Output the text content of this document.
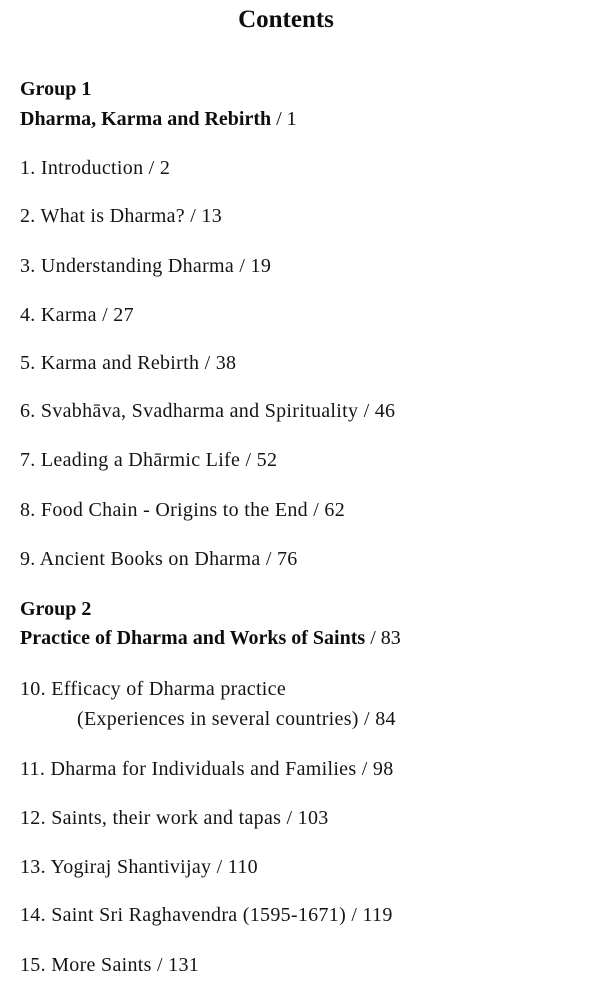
Contents
Group 1
Dharma, Karma and Rebirth / 1
1. Introduction / 2
2. What is Dharma? / 13
3. Understanding Dharma / 19
4. Karma / 27
5. Karma and Rebirth / 38
6. Svabhāva, Svadharma and Spirituality / 46
7. Leading a Dhārmic Life / 52
8. Food Chain - Origins to the End / 62
9. Ancient Books on Dharma / 76
Group 2
Practice of Dharma and Works of Saints / 83
10. Efficacy of Dharma practice
(Experiences in several countries) / 84
11. Dharma for Individuals and Families / 98
12. Saints, their work and tapas / 103
13. Yogiraj Shantivijay / 110
14. Saint Sri Raghavendra (1595-1671) / 119
15. More Saints / 131
